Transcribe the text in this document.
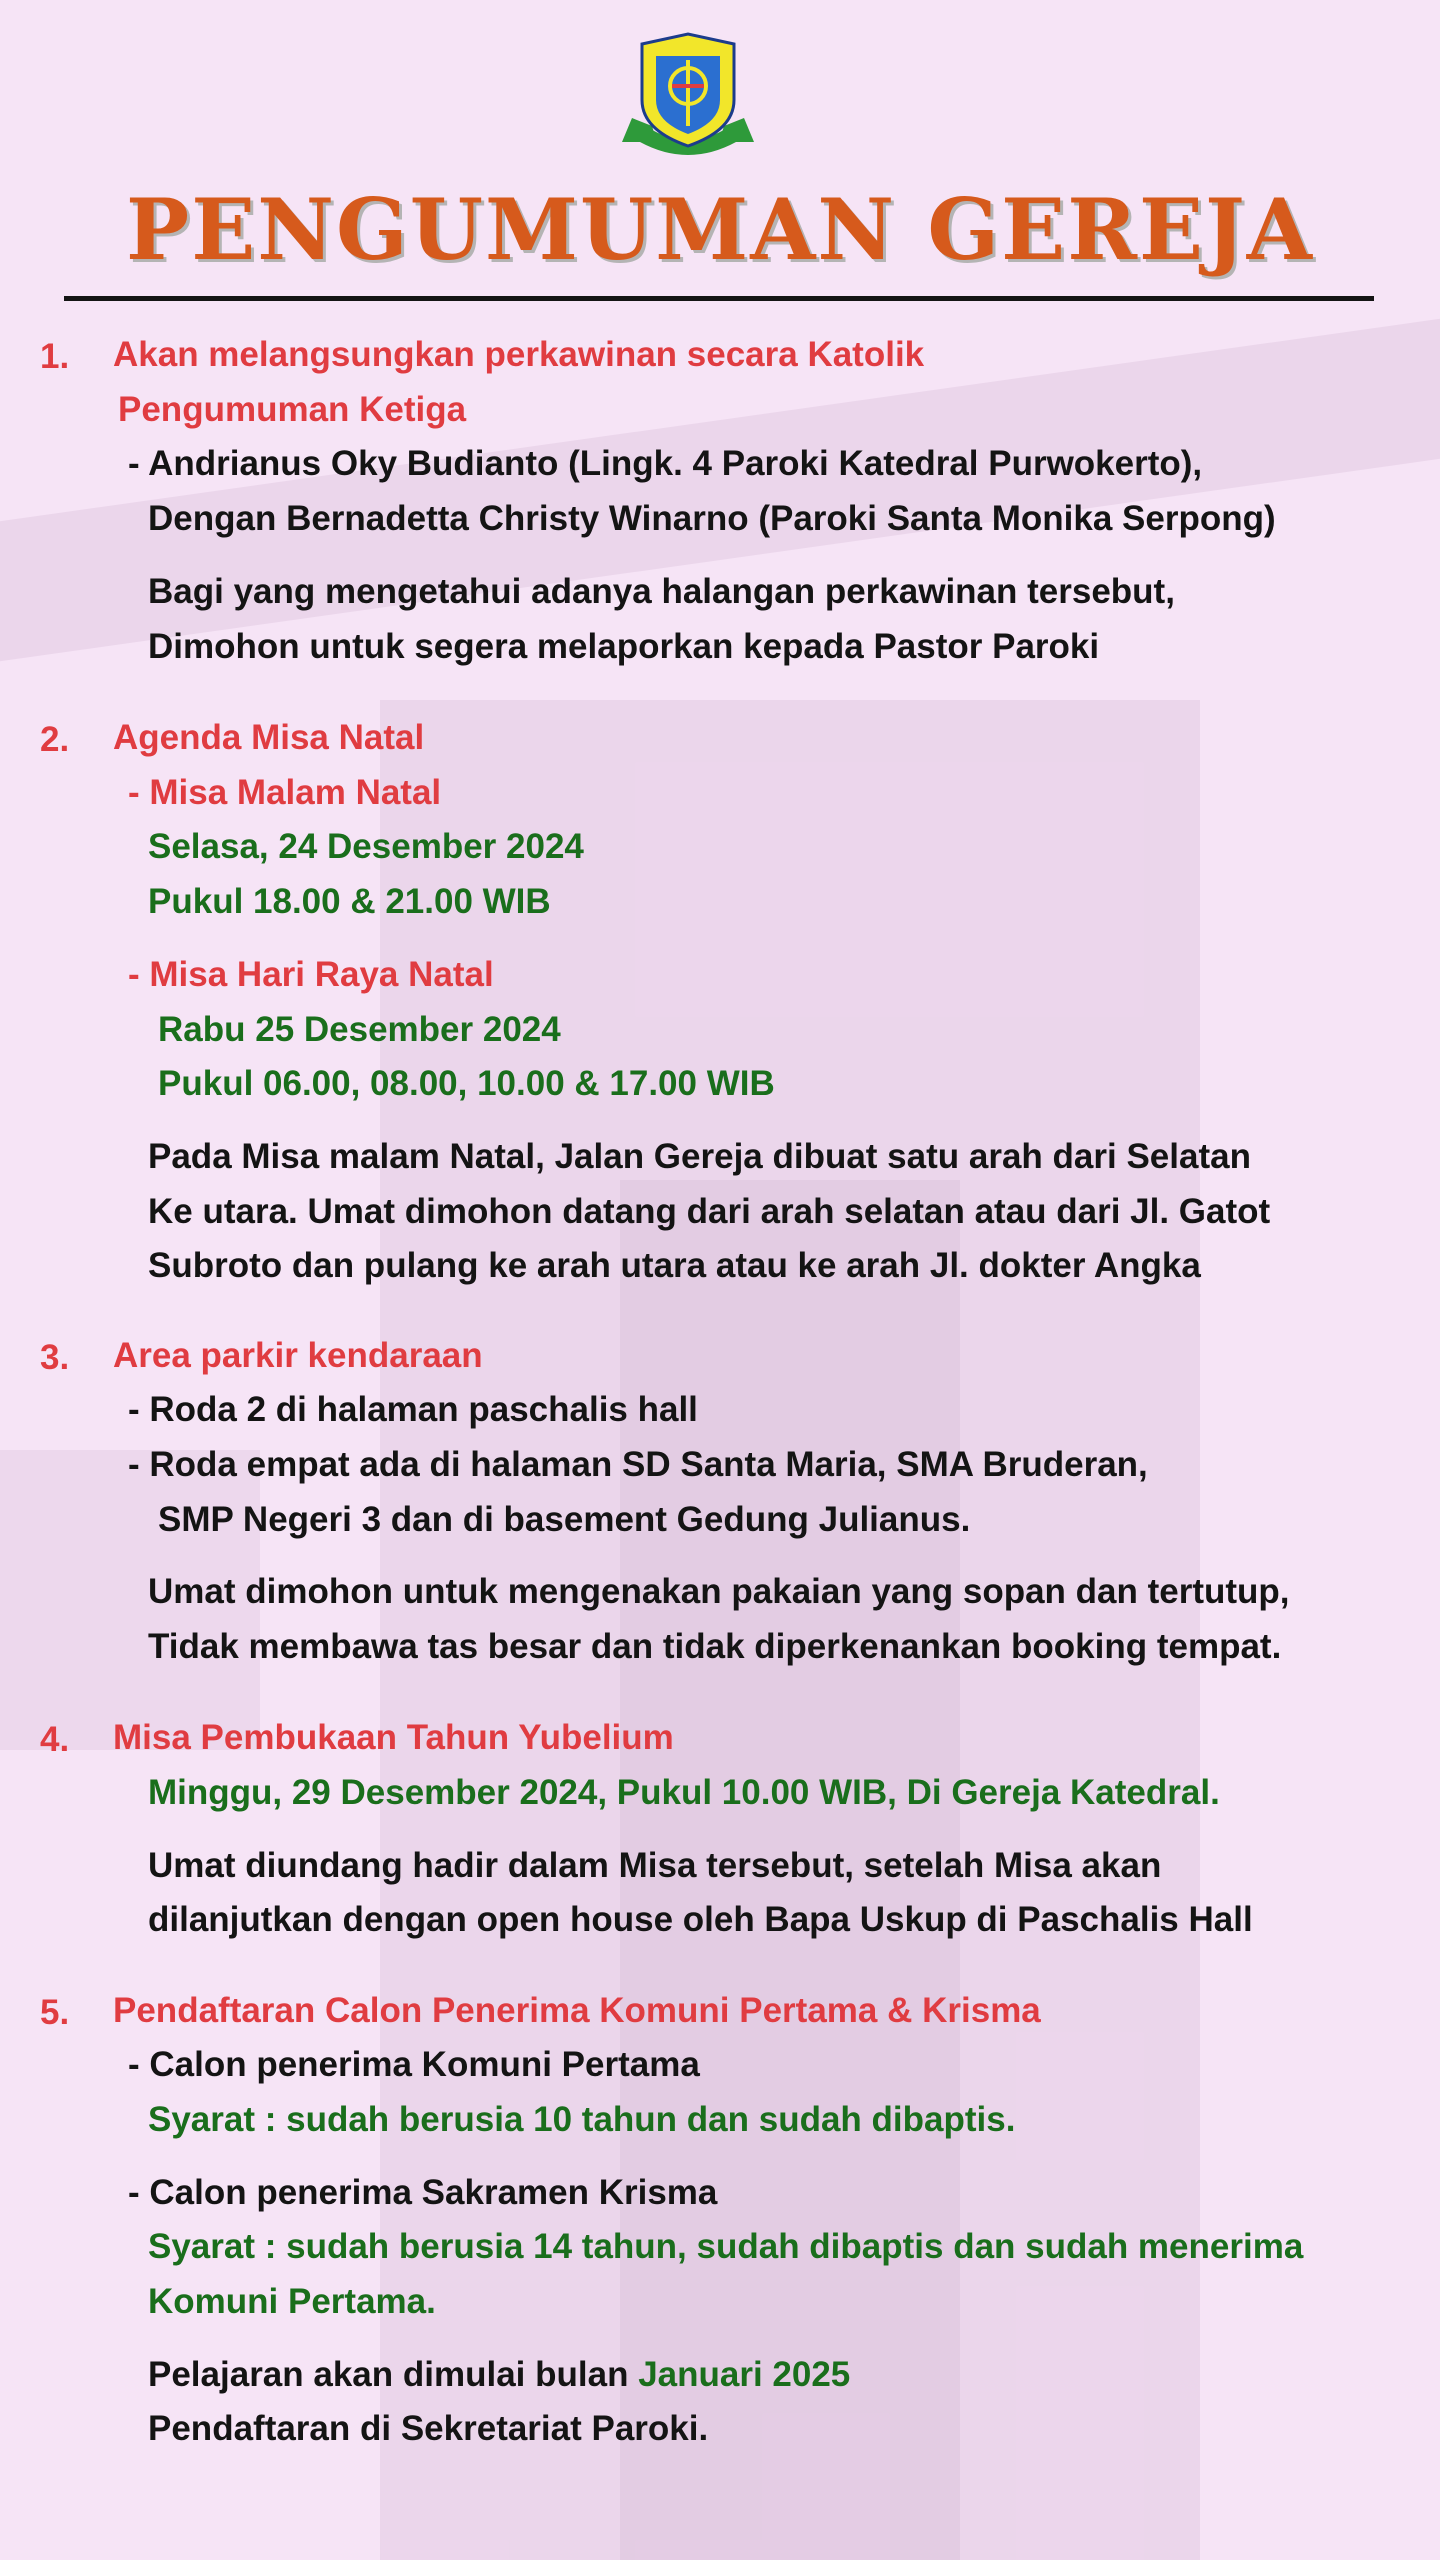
PENGUMUMAN GEREJA
1. Akan melangsungkan perkawinan secara Katolik
Pengumuman Ketiga
- Andrianus Oky Budianto (Lingk. 4 Paroki Katedral Purwokerto),
Dengan Bernadetta Christy Winarno (Paroki Santa Monika Serpong)
Bagi yang mengetahui adanya halangan perkawinan tersebut,
Dimohon untuk segera melaporkan kepada Pastor Paroki
2. Agenda Misa Natal
- Misa Malam Natal
Selasa, 24 Desember 2024
Pukul 18.00 & 21.00 WIB
- Misa Hari Raya Natal
Rabu 25 Desember 2024
Pukul 06.00, 08.00, 10.00 & 17.00 WIB
Pada Misa malam Natal, Jalan Gereja dibuat satu arah dari Selatan
Ke utara. Umat dimohon datang dari arah selatan atau dari Jl. Gatot
Subroto dan pulang ke arah utara atau ke arah Jl. dokter Angka
3. Area parkir kendaraan
- Roda 2 di halaman paschalis hall
- Roda empat ada di halaman SD Santa Maria, SMA Bruderan,
SMP Negeri 3 dan di basement Gedung Julianus.
Umat dimohon untuk mengenakan pakaian yang sopan dan tertutup,
Tidak membawa tas besar dan tidak diperkenankan booking tempat.
4. Misa Pembukaan Tahun Yubelium
Minggu, 29 Desember 2024, Pukul 10.00 WIB, Di Gereja Katedral.
Umat diundang hadir dalam Misa tersebut, setelah Misa akan
dilanjutkan dengan open house oleh Bapa Uskup di Paschalis Hall
5. Pendaftaran Calon Penerima Komuni Pertama & Krisma
- Calon penerima Komuni Pertama
Syarat : sudah berusia 10 tahun dan sudah dibaptis.
- Calon penerima Sakramen Krisma
Syarat : sudah berusia 14 tahun, sudah dibaptis dan sudah menerima
Komuni Pertama.
Pelajaran akan dimulai bulan Januari 2025
Pendaftaran di Sekretariat Paroki.
